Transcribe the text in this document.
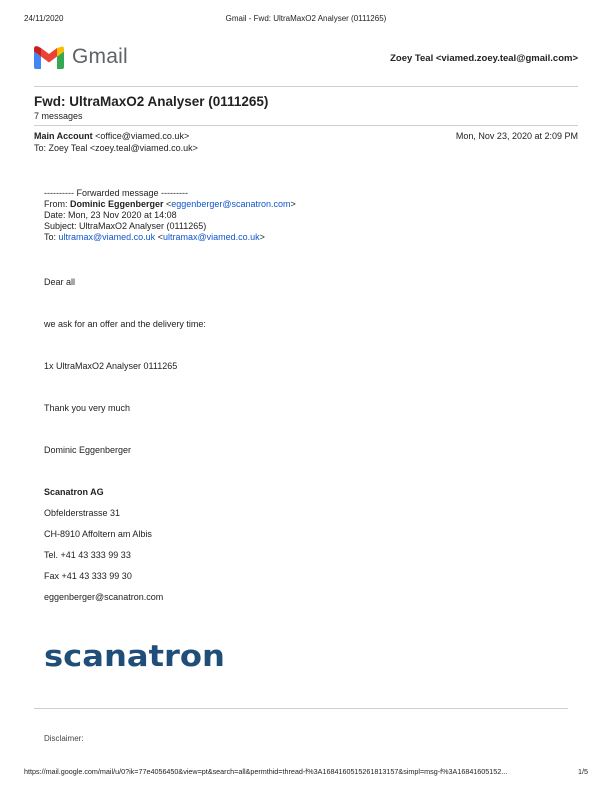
24/11/2020	Gmail - Fwd: UltraMaxO2 Analyser (0111265)
Gmail	Zoey Teal <viamed.zoey.teal@gmail.com>
Fwd: UltraMaxO2 Analyser (0111265)
7 messages
Main Account <office@viamed.co.uk>	Mon, Nov 23, 2020 at 2:09 PM
To: Zoey Teal <zoey.teal@viamed.co.uk>
---------- Forwarded message ---------
From: Dominic Eggenberger <eggenberger@scanatron.com>
Date: Mon, 23 Nov 2020 at 14:08
Subject: UltraMaxO2 Analyser (0111265)
To: ultramax@viamed.co.uk <ultramax@viamed.co.uk>
Dear all
we ask for an offer and the delivery time:
1x UltraMaxO2 Analyser 0111265
Thank you very much
Dominic Eggenberger
Scanatron AG
Obfelderstrasse 31
CH-8910 Affoltern am Albis
Tel. +41 43 333 99 33
Fax +41 43 333 99 30
eggenberger@scanatron.com
scanatron
Disclaimer:
https://mail.google.com/mail/u/0?ik=77e4056450&view=pt&search=all&permthid=thread-f%3A1684160515261813157&simpl=msg-f%3A16841605152...	1/5
